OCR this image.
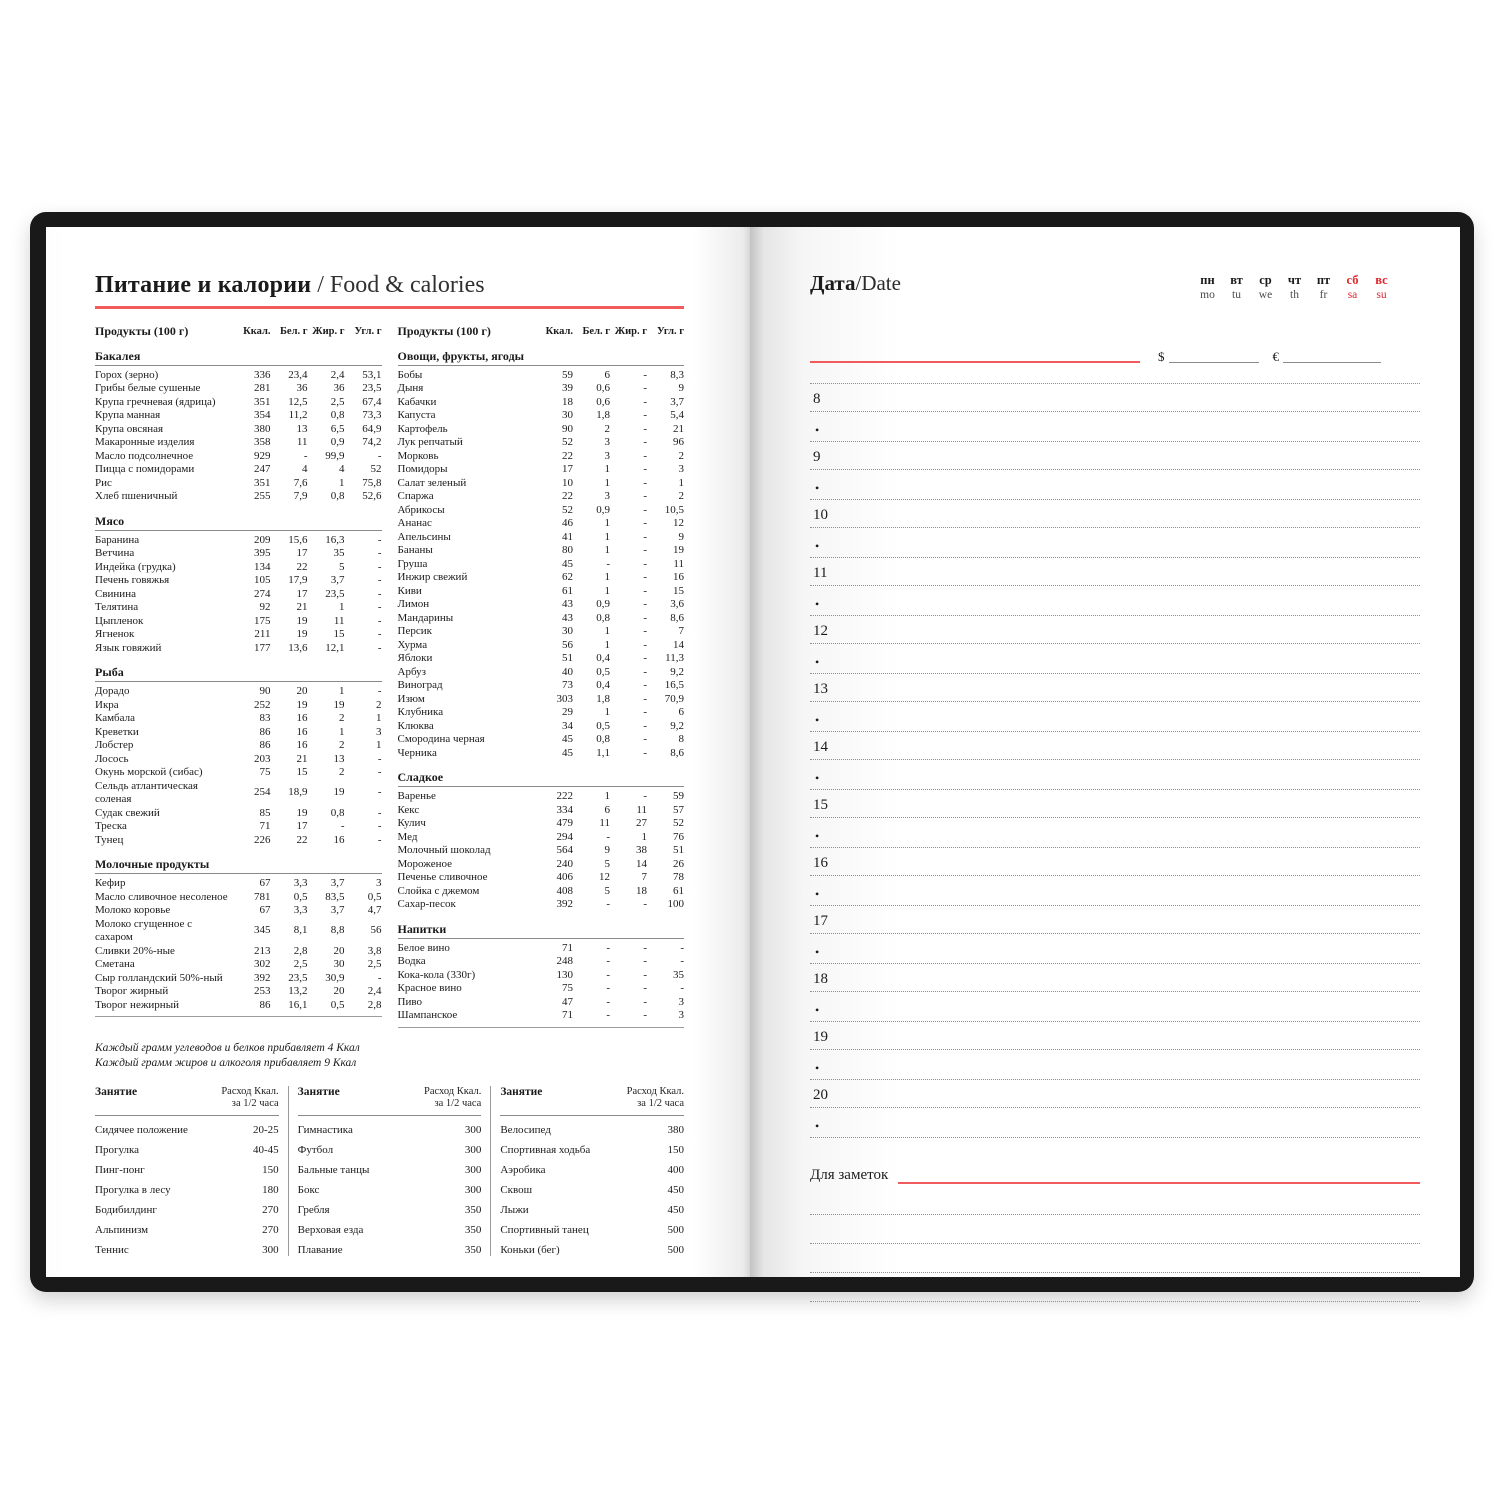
Питание и калории / Food & calories
Продукты (100 г)	Ккал. Бел. г Жир. г Угл. г
Бакалея
Горох (зерно)	336	23,4	2,4	53,1
Грибы белые сушеные	281	36	36	23,5
Крупа гречневая (ядрица)	351	12,5	2,5	67,4
Крупа манная	354	11,2	0,8	73,3
Крупа овсяная	380	13	6,5	64,9
Макаронные изделия	358	11	0,9	74,2
Масло подсолнечное	929	-	99,9	-
Пицца с помидорами	247	4	4	52
Рис	351	7,6	1	75,8
Хлеб пшеничный	255	7,9	0,8	52,6
Мясо
Баранина	209	15,6	16,3	-
Ветчина	395	17	35	-
Индейка (грудка)	134	22	5	-
Печень говяжья	105	17,9	3,7	-
Свинина	274	17	23,5	-
Телятина	92	21	1	-
Цыпленок	175	19	11	-
Ягненок	211	19	15	-
Язык говяжий	177	13,6	12,1	-
Рыба
Дорадо	90	20	1	-
Икра	252	19	19	2
Камбала	83	16	2	1
Креветки	86	16	1	3
Лобстер	86	16	2	1
Лосось	203	21	13	-
Окунь морской (сибас)	75	15	2	-
Сельдь атлантическая соленая
254	18,9	19	-
Судак свежий	85	19	0,8	-
Треска	71	17	-	-
Тунец	226	22	16	-
Молочные продукты
Кефир	67	3,3	3,7	3
Масло сливочное несоленое	781	0,5	83,5	0,5
Молоко коровье	67	3,3	3,7	4,7
Молоко сгущенное с сахаром
345	8,1	8,8	56
Сливки 20%-ные	213	2,8	20	3,8
Сметана	302	2,5	30	2,5
Сыр голландский 50%-ный	392	23,5	30,9	-
Творог жирный	253	13,2	20	2,4
Творог нежирный	86	16,1	0,5	2,8
Продукты (100 г)	Ккал. Бел. г Жир. г Угл. г
Овощи, фрукты, ягоды
Бобы	59	6	-	8,3
Дыня	39	0,6	-	9
Кабачки	18	0,6	-	3,7
Капуста	30	1,8	-	5,4
Картофель	90	2	-	21
Лук репчатый	52	3	-	96
Морковь	22	3	-	2
Помидоры	17	1	-	3
Салат зеленый	10	1	-	1
Спаржа	22	3	-	2
Абрикосы	52	0,9	-	10,5
Ананас	46	1	-	12
Апельсины	41	1	-	9
Бананы	80	1	-	19
Груша	45	-	-	11
Инжир свежий	62	1	-	16
Киви	61	1	-	15
Лимон	43	0,9	-	3,6
Мандарины	43	0,8	-	8,6
Персик	30	1	-	7
Хурма	56	1	-	14
Яблоки	51	0,4	-	11,3
Арбуз	40	0,5	-	9,2
Виноград	73	0,4	-	16,5
Изюм	303	1,8	-	70,9
Клубника	29	1	-	6
Клюква	34	0,5	-	9,2
Смородина черная	45	0,8	-	8
Черника	45	1,1	-	8,6
Сладкое
Варенье	222	1	-	59
Кекс	334	6	11	57
Кулич	479	11	27	52
Мед	294	-	1	76
Молочный шоколад	564	9	38	51
Мороженое	240	5	14	26
Печенье сливочное	406	12	7	78
Слойка с джемом	408	5	18	61
Сахар-песок	392	-	-	100
Напитки
Белое вино	71	-	-	-
Водка	248	-	-	-
Кока-кола (330г)	130	-	-	35
Красное вино	75	-	-	-
Пиво	47	-	-	3
Шампанское	71	-	-	3
Каждый грамм углеводов и белков прибавляет 4 Ккал
Каждый грамм жиров и алкоголя прибавляет 9 Ккал
Занятие	Расход Ккал.
за 1/2 часа
Сидячее положение	20-25
Прогулка	40-45
Пинг-понг	150
Прогулка в лесу	180
Бодибилдинг	270
Альпинизм	270
Теннис	300
Занятие	Расход Ккал.
за 1/2 часа
Гимнастика	300
Футбол	300
Бальные танцы	300
Бокс	300
Гребля	350
Верховая езда	350
Плавание	350
Занятие	Расход Ккал.
за 1/2 часа
Велосипед	380
Спортивная ходьба	150
Аэробика	400
Сквош	450
Лыжи	450
Спортивный танец	500
Коньки (бег)	500
Дата/Date	пн	вт	ср	чт	пт	сб	вс
mo	tu	we	th	fr	sa	su
$	€
8
•
9
•
10
•
11
•
12
•
13
•
14
•
15
•
16
•
17
•
18
•
19
•
20
•
Для заметок
